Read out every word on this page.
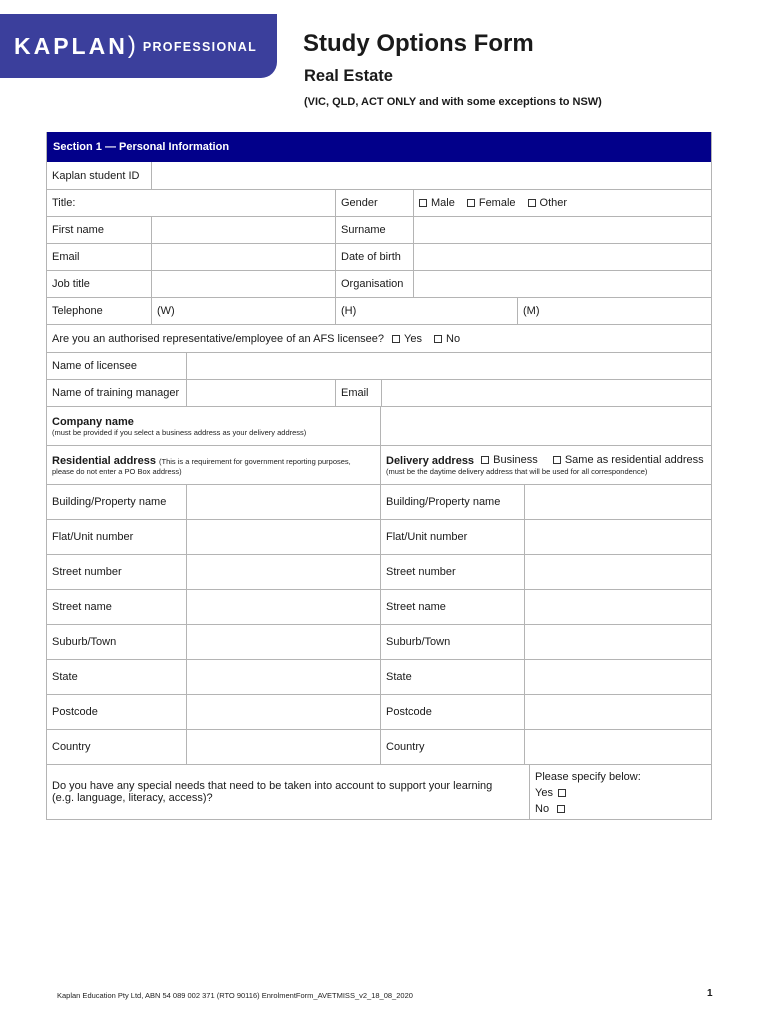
KAPLAN ) PROFESSIONAL Study Options Form
Real Estate
(VIC, QLD, ACT ONLY and with some exceptions to NSW)
Section 1 — Personal Information
Kaplan student ID
Title:	Gender	Male Female Other
First name	Surname
Email	Date of birth
Job title	Organisation
Telephone	(W)	(H)	(M)
Are you an authorised representative/employee of an AFS licensee? Yes No
Name of licensee
Name of training manager	Email
Company name
(must be provided if you select a business address as your delivery address)
Residential address (This is a requirement for government reporting purposes,
please do not enter a PO Box address)
Delivery address Business
Same as residential address
(must be the daytime delivery address that will be used for all correspondence)
Building/Property name	Building/Property name
Flat/Unit number	Flat/Unit number
Street number	Street number
Street name	Street name
Suburb/Town	Suburb/Town
State	State
Postcode	Postcode
Country	Country
Do you have any special needs that need to be taken into account to support your learning
(e.g. language, literacy, access)?
Please specify below:
Yes
No
Kaplan Education Pty Ltd, ABN 54 089 002 371 (RTO 90116) EnrolmentForm_AVETMISS_v2_18_08_2020	1
